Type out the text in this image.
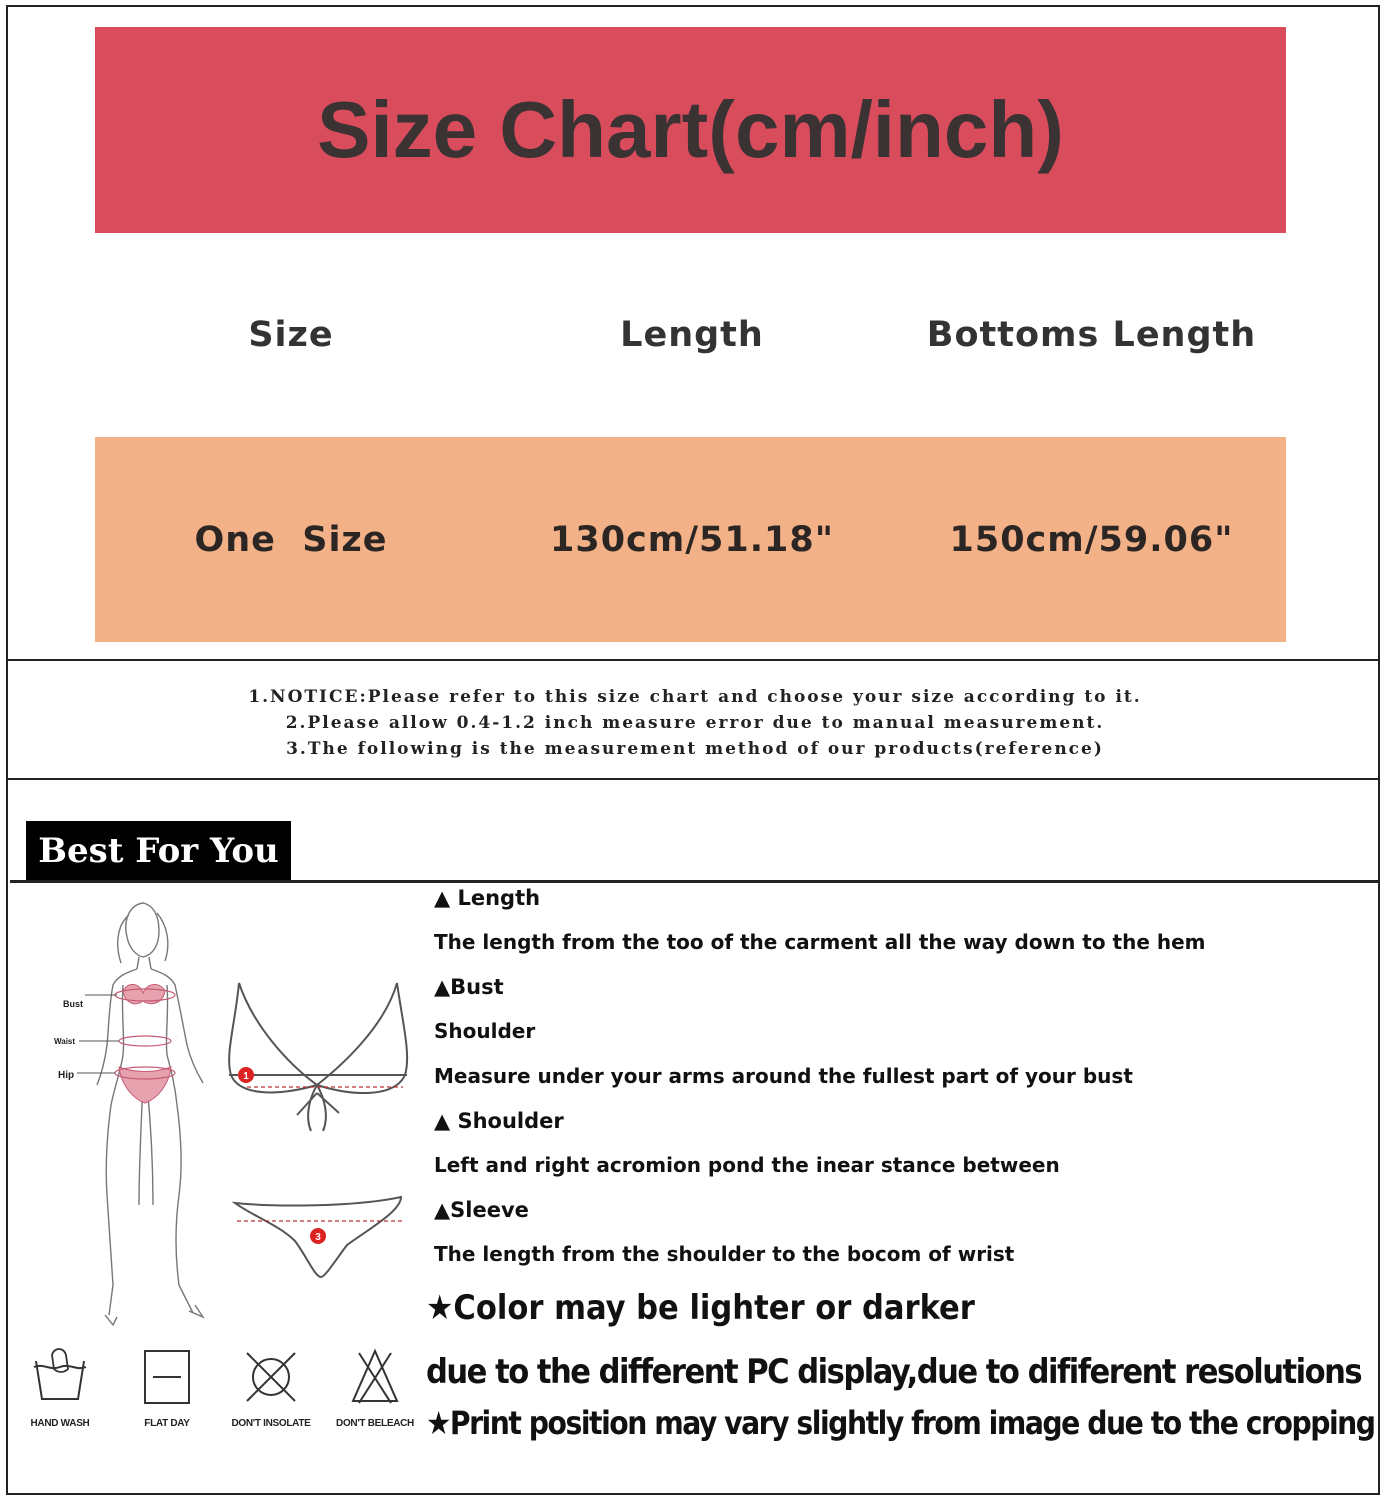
Size Chart(cm/inch)
Size	Length	Bottoms Length
One  Size	130cm/51.18"	150cm/59.06"
1.NOTICE:Please refer to this size chart and choose your size according to it.
2.Please allow 0.4-1.2 inch measure error due to manual measurement.
3.The following is the measurement method of our products(reference)
Best For You
Bust
Waist
Hip	1
3
HAND WASH	FLAT DAY	DON'T INSOLATE	DON'T BELEACH
▲ Length
The length from the too of the carment all the way down to the hem
▲Bust
Shoulder
Measure under your arms around the fullest part of your bust
▲ Shoulder
Left and right acromion pond the inear stance between
▲Sleeve
The length from the shoulder to the bocom of wrist
★Color may be lighter or darker
due to the different PC display,due to dififerent resolutions
★Print position may vary slightly from image due to the cropping
